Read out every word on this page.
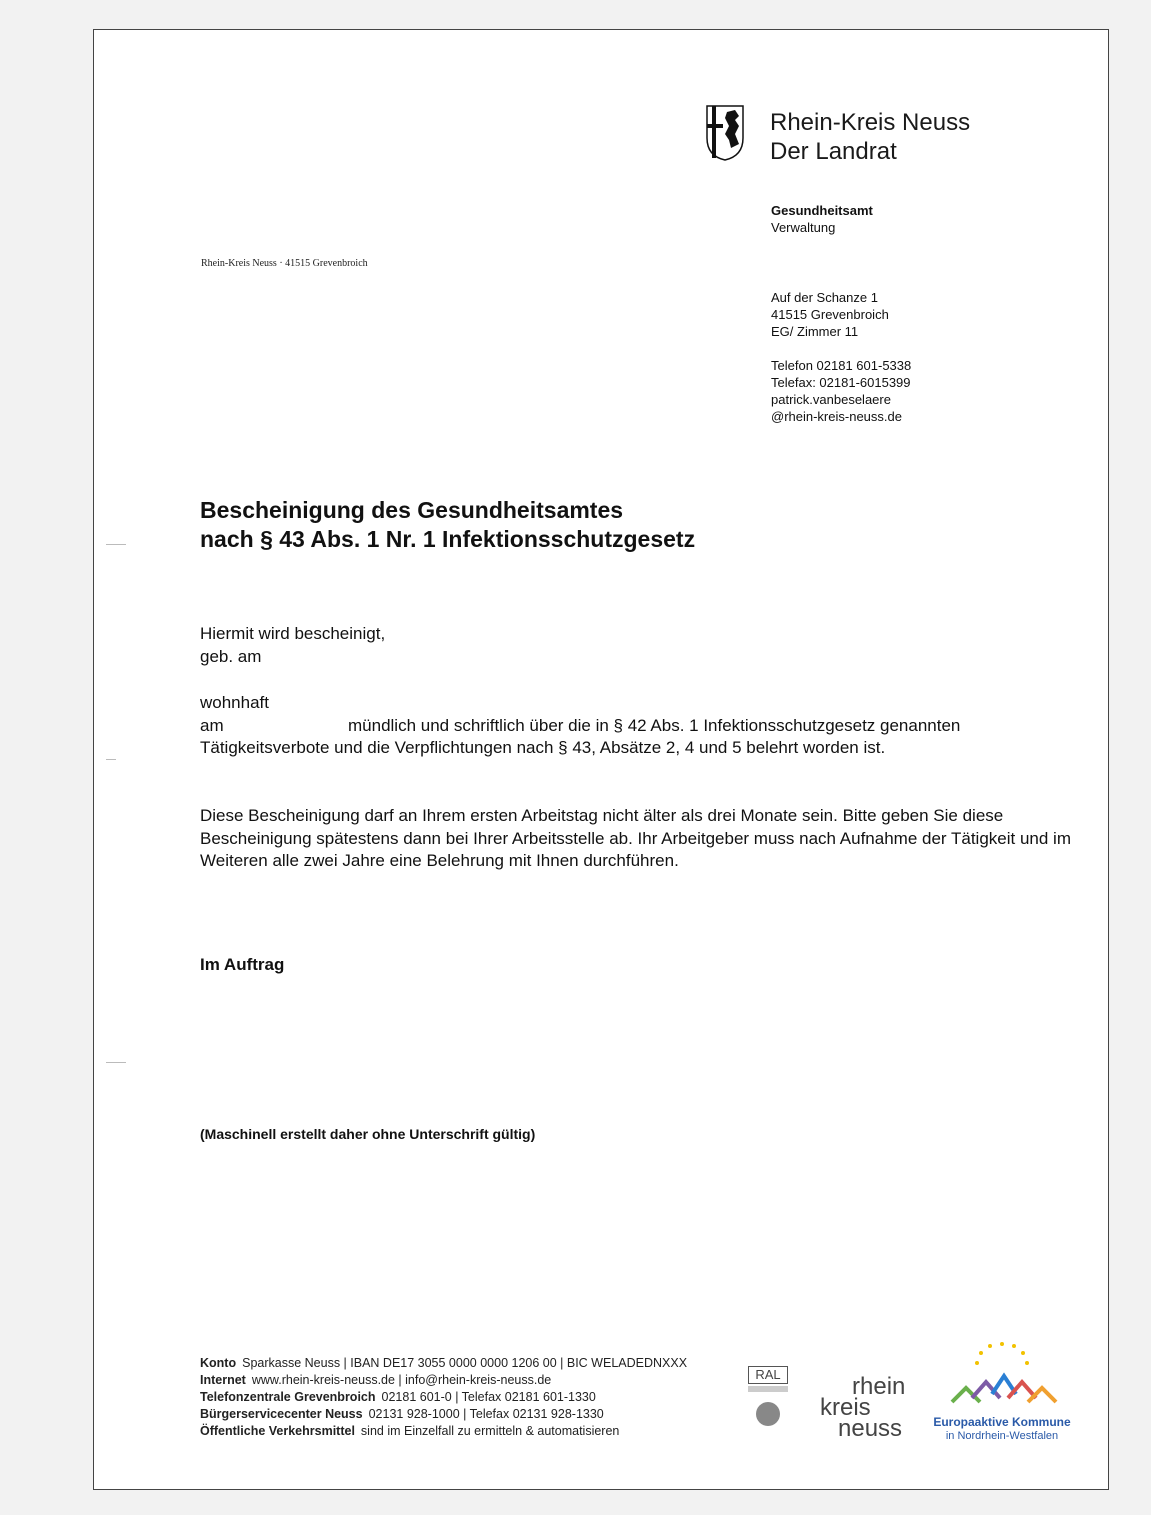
Rhein-Kreis Neuss
Der Landrat
Gesundheitsamt
Verwaltung
Rhein-Kreis Neuss · 41515 Grevenbroich
Auf der Schanze 1
41515 Grevenbroich
EG/ Zimmer 11
Telefon 02181 601-5338
Telefax: 02181-6015399
patrick.vanbeselaere
@rhein-kreis-neuss.de
Bescheinigung des Gesundheitsamtes
nach § 43 Abs. 1 Nr. 1 Infektionsschutzgesetz
Hiermit wird bescheinigt,
geb. am
wohnhaft
am	mündlich und schriftlich über die in § 42 Abs. 1 Infektionsschutzgesetz genannten Tätigkeitsverbote und die Verpflichtungen nach § 43, Absätze 2, 4 und 5 belehrt worden ist.
Diese Bescheinigung darf an Ihrem ersten Arbeitstag nicht älter als drei Monate sein. Bitte geben Sie diese Bescheinigung spätestens dann bei Ihrer Arbeitsstelle ab. Ihr Arbeitgeber muss nach Aufnahme der Tätigkeit und im Weiteren alle zwei Jahre eine Belehrung mit Ihnen durchführen.
Im Auftrag
(Maschinell erstellt daher ohne Unterschrift gültig)
Konto Sparkasse Neuss | IBAN DE17 3055 0000 0000 1206 00 | BIC WELADEDNXXX
Internet www.rhein-kreis-neuss.de | info@rhein-kreis-neuss.de
Telefonzentrale Grevenbroich 02181 601-0 | Telefax 02181 601-1330
Bürgerservicecenter Neuss 02131 928-1000 | Telefax 02131 928-1330
Öffentliche Verkehrsmittel sind im Einzelfall zu ermitteln & automatisieren
RAL	rhein
kreis
neuss	Europaaktive Kommune
in Nordrhein-Westfalen
